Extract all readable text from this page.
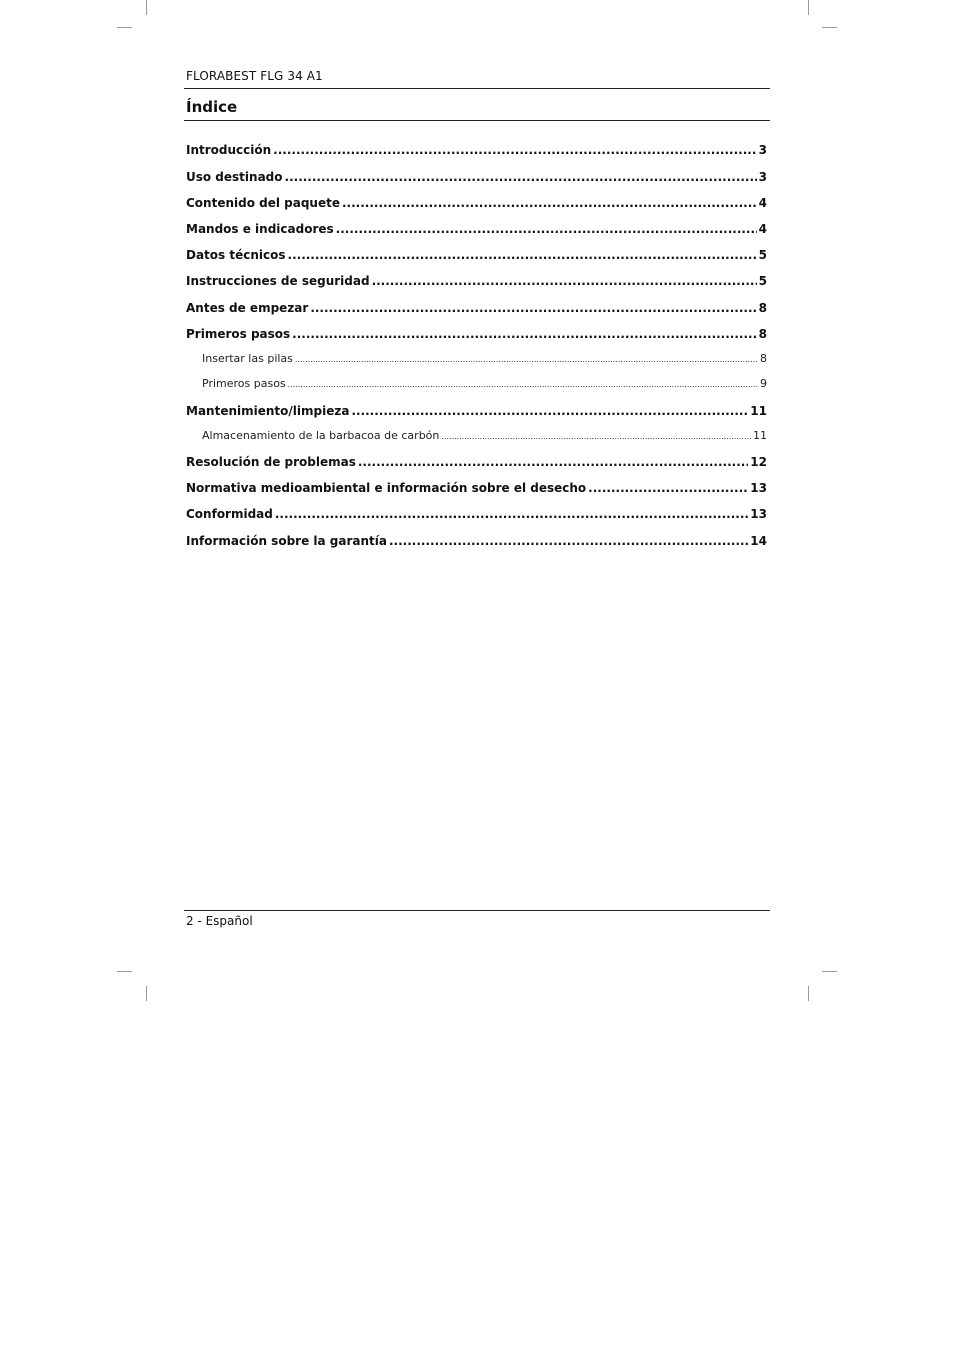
FLORABEST FLG 34 A1
Índice
Introducción .....	3
Uso destinado .....	3
Contenido del paquete .....	4
Mandos e indicadores .....	4
Datos técnicos .....	5
Instrucciones de seguridad .....	5
Antes de empezar .....	8
Primeros pasos .....	8
Insertar las pilas .....	8
Primeros pasos .....	9
Mantenimiento/limpieza .....	11
Almacenamiento de la barbacoa de carbón .....	11
Resolución de problemas .....	12
Normativa medioambiental e información sobre el desecho .....	13
Conformidad .....	13
Información sobre la garantía .....	14
2 - Español
